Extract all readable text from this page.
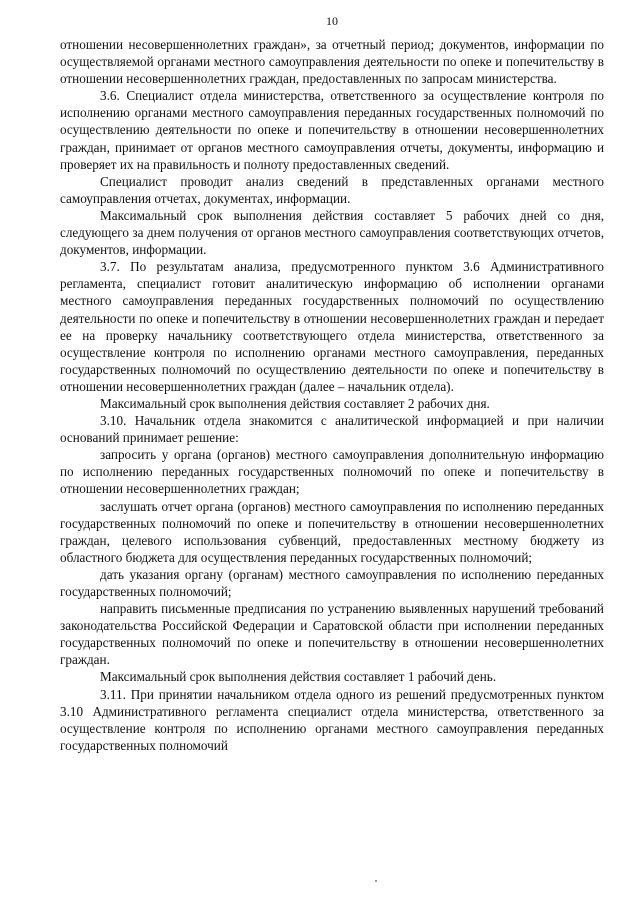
10

отношении несовершеннолетних граждан», за отчетный период; документов, информации по осуществляемой органами местного самоуправления деятельности по опеке и попечительству в отношении несовершеннолетних граждан, предоставленных по запросам министерства.

3.6. Специалист отдела министерства, ответственного за осуществление контроля по исполнению органами местного самоуправления переданных государственных полномочий по осуществлению деятельности по опеке и попечительству в отношении несовершеннолетних граждан, принимает от органов местного самоуправления отчеты, документы, информацию и проверяет их на правильность и полноту предоставленных сведений.

Специалист проводит анализ сведений в представленных органами местного самоуправления отчетах, документах, информации.

Максимальный срок выполнения действия составляет 5 рабочих дней со дня, следующего за днем получения от органов местного самоуправления соответствующих отчетов, документов, информации.

3.7. По результатам анализа, предусмотренного пунктом 3.6 Административного регламента, специалист готовит аналитическую информацию об исполнении органами местного самоуправления переданных государственных полномочий по осуществлению деятельности по опеке и попечительству в отношении несовершеннолетних граждан и передает ее на проверку начальнику соответствующего отдела министерства, ответственного за осуществление контроля по исполнению органами местного самоуправления, переданных государственных полномочий по осуществлению деятельности по опеке и попечительству в отношении несовершеннолетних граждан (далее – начальник отдела).

Максимальный срок выполнения действия составляет 2 рабочих дня.

3.10. Начальник отдела знакомится с аналитической информацией и при наличии оснований принимает решение:

запросить у органа (органов) местного самоуправления дополнительную информацию по исполнению переданных государственных полномочий по опеке и попечительству в отношении несовершеннолетних граждан;

заслушать отчет органа (органов) местного самоуправления по исполнению переданных государственных полномочий по опеке и попечительству в отношении несовершеннолетних граждан, целевого использования субвенций, предоставленных местному бюджету из областного бюджета для осуществления переданных государственных полномочий;

дать указания органу (органам) местного самоуправления по исполнению переданных государственных полномочий;

направить письменные предписания по устранению выявленных нарушений требований законодательства Российской Федерации и Саратовской области при исполнении переданных государственных полномочий по опеке и попечительству в отношении несовершеннолетних граждан.

Максимальный срок выполнения действия составляет 1 рабочий день.

3.11. При принятии начальником отдела одного из решений предусмотренных пунктом 3.10 Административного регламента специалист отдела министерства, ответственного за осуществление контроля по исполнению органами местного самоуправления переданных государственных полномочий
